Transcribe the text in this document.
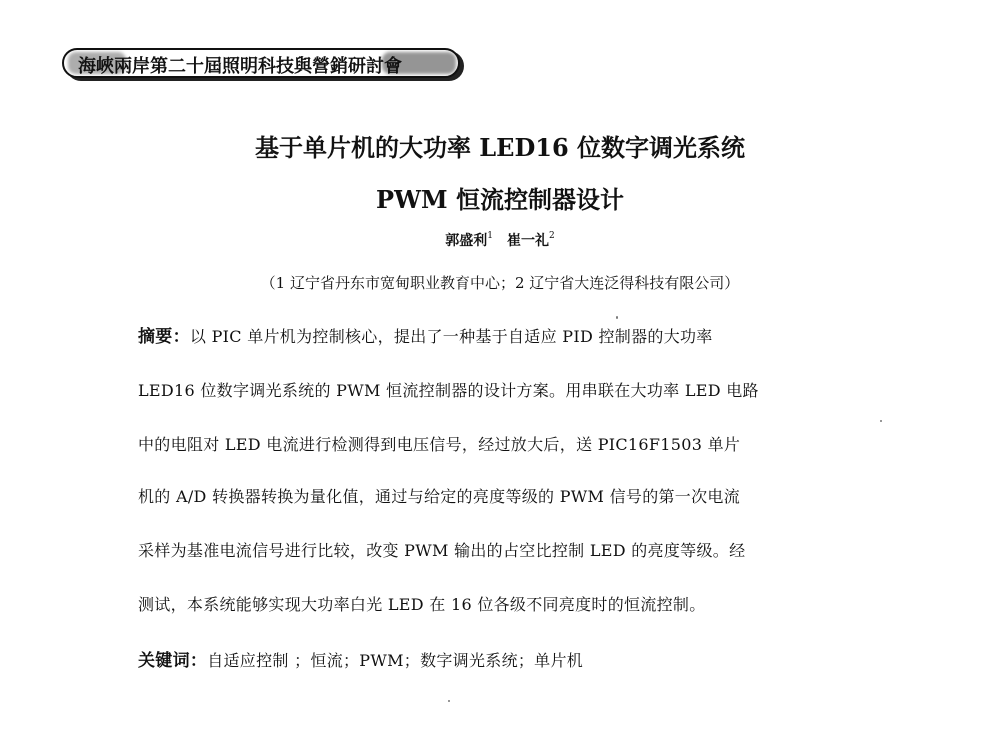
海峽兩岸第二十屆照明科技與營銷研討會
基于单片机的大功率 LED16 位数字调光系统
PWM 恒流控制器设计
郭盛利$^1$ 崔一礼$^2$
（1 辽宁省丹东市宽甸职业教育中心；2 辽宁省大连泛得科技有限公司）
摘要：以 PIC 单片机为控制核心，提出了一种基于自适应 PID 控制器的大功率
LED16 位数字调光系统的 PWM 恒流控制器的设计方案。用串联在大功率 LED 电路
中的电阻对 LED 电流进行检测得到电压信号，经过放大后，送 PIC16F1503 单片
机的 A/D 转换器转换为量化值，通过与给定的亮度等级的 PWM 信号的第一次电流
采样为基准电流信号进行比较，改变 PWM 输出的占空比控制 LED 的亮度等级。经
测试，本系统能够实现大功率白光 LED 在 16 位各级不同亮度时的恒流控制。
关键词：自适应控制 ；恒流；PWM；数字调光系统；单片机
